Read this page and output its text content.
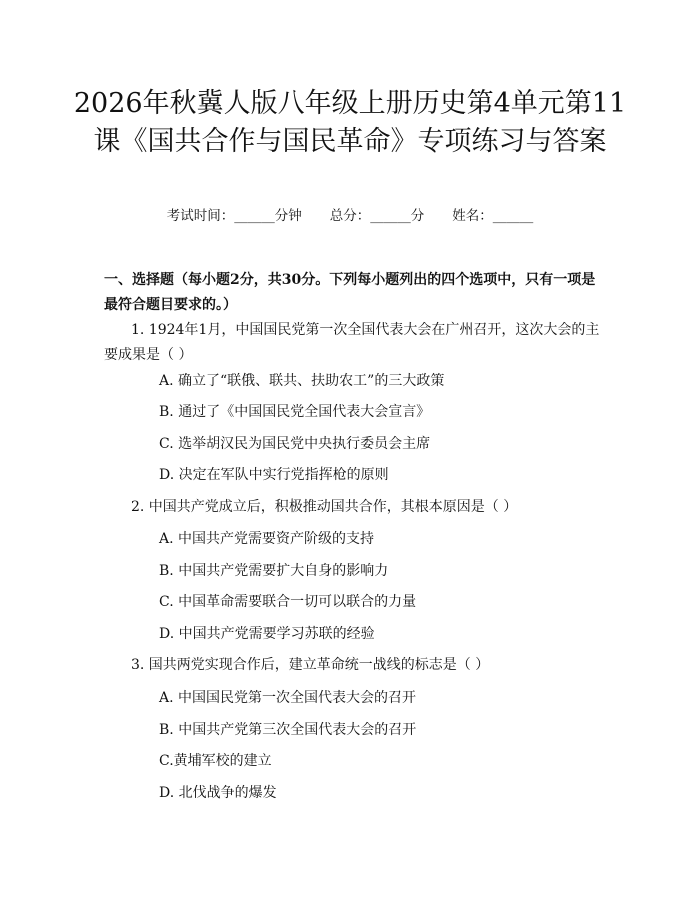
2026年秋冀人版八年级上册历史第4单元第11课《国共合作与国民革命》专项练习与答案
考试时间：______分钟 总分：______分 姓名：______
一、选择题（每小题2分，共30分。下列每小题列出的四个选项中，只有一项是最符合题目要求的。）

1. 1924年1月，中国国民党第一次全国代表大会在广州召开，这次大会的主要成果是（ ）

A. 确立了“联俄、联共、扶助农工”的三大政策
B. 通过了《中国国民党全国代表大会宣言》
C. 选举胡汉民为国民党中央执行委员会主席
D. 决定在军队中实行党指挥枪的原则

2. 中国共产党成立后，积极推动国共合作，其根本原因是（ ）

A. 中国共产党需要资产阶级的支持
B. 中国共产党需要扩大自身的影响力
C. 中国革命需要联合一切可以联合的力量
D. 中国共产党需要学习苏联的经验

3. 国共两党实现合作后，建立革命统一战线的标志是（ ）

A. 中国国民党第一次全国代表大会的召开
B. 中国共产党第三次全国代表大会的召开
C.黄埔军校的建立
D. 北伐战争的爆发
